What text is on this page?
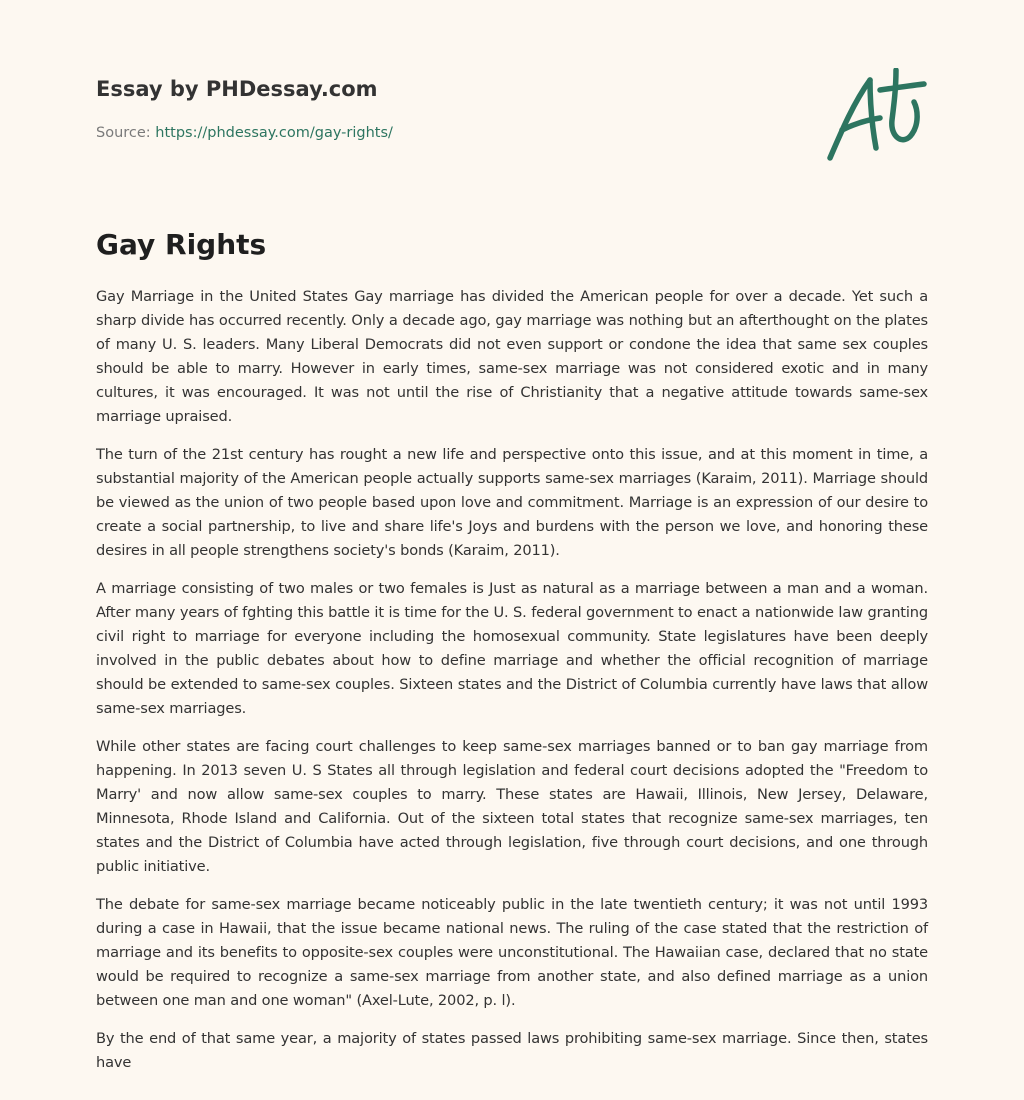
Essay by PHDessay.com
Source: https://phdessay.com/gay-rights/
Gay Rights

Gay Marriage in the United States Gay marriage has divided the American people for over a decade. Yet such a sharp divide has occurred recently. Only a decade ago, gay marriage was nothing but an afterthought on the plates of many U. S. leaders. Many Liberal Democrats did not even support or condone the idea that same sex couples should be able to marry. However in early times, same-sex marriage was not considered exotic and in many cultures, it was encouraged. It was not until the rise of Christianity that a negative attitude towards same-sex marriage upraised.

The turn of the 21st century has rought a new life and perspective onto this issue, and at this moment in time, a substantial majority of the American people actually supports same-sex marriages (Karaim, 2011). Marriage should be viewed as the union of two people based upon love and commitment. Marriage is an expression of our desire to create a social partnership, to live and share life's Joys and burdens with the person we love, and honoring these desires in all people strengthens society's bonds (Karaim, 2011).

A marriage consisting of two males or two females is Just as natural as a marriage between a man and a woman. After many years of fghting this battle it is time for the U. S. federal government to enact a nationwide law granting civil right to marriage for everyone including the homosexual community. State legislatures have been deeply involved in the public debates about how to define marriage and whether the official recognition of marriage should be extended to same-sex couples. Sixteen states and the District of Columbia currently have laws that allow same-sex marriages.

While other states are facing court challenges to keep same-sex marriages banned or to ban gay marriage from happening. In 2013 seven U. S States all through legislation and federal court decisions adopted the "Freedom to Marry' and now allow same-sex couples to marry. These states are Hawaii, Illinois, New Jersey, Delaware, Minnesota, Rhode Island and California. Out of the sixteen total states that recognize same-sex marriages, ten states and the District of Columbia have acted through legislation, five through court decisions, and one through public initiative.

The debate for same-sex marriage became noticeably public in the late twentieth century; it was not until 1993 during a case in Hawaii, that the issue became national news. The ruling of the case stated that the restriction of marriage and its benefits to opposite-sex couples were unconstitutional. The Hawaiian case, declared that no state would be required to recognize a same-sex marriage from another state, and also defined marriage as a union between one man and one woman" (Axel-Lute, 2002, p. l).

By the end of that same year, a majority of states passed laws prohibiting same-sex marriage. Since then, states have
